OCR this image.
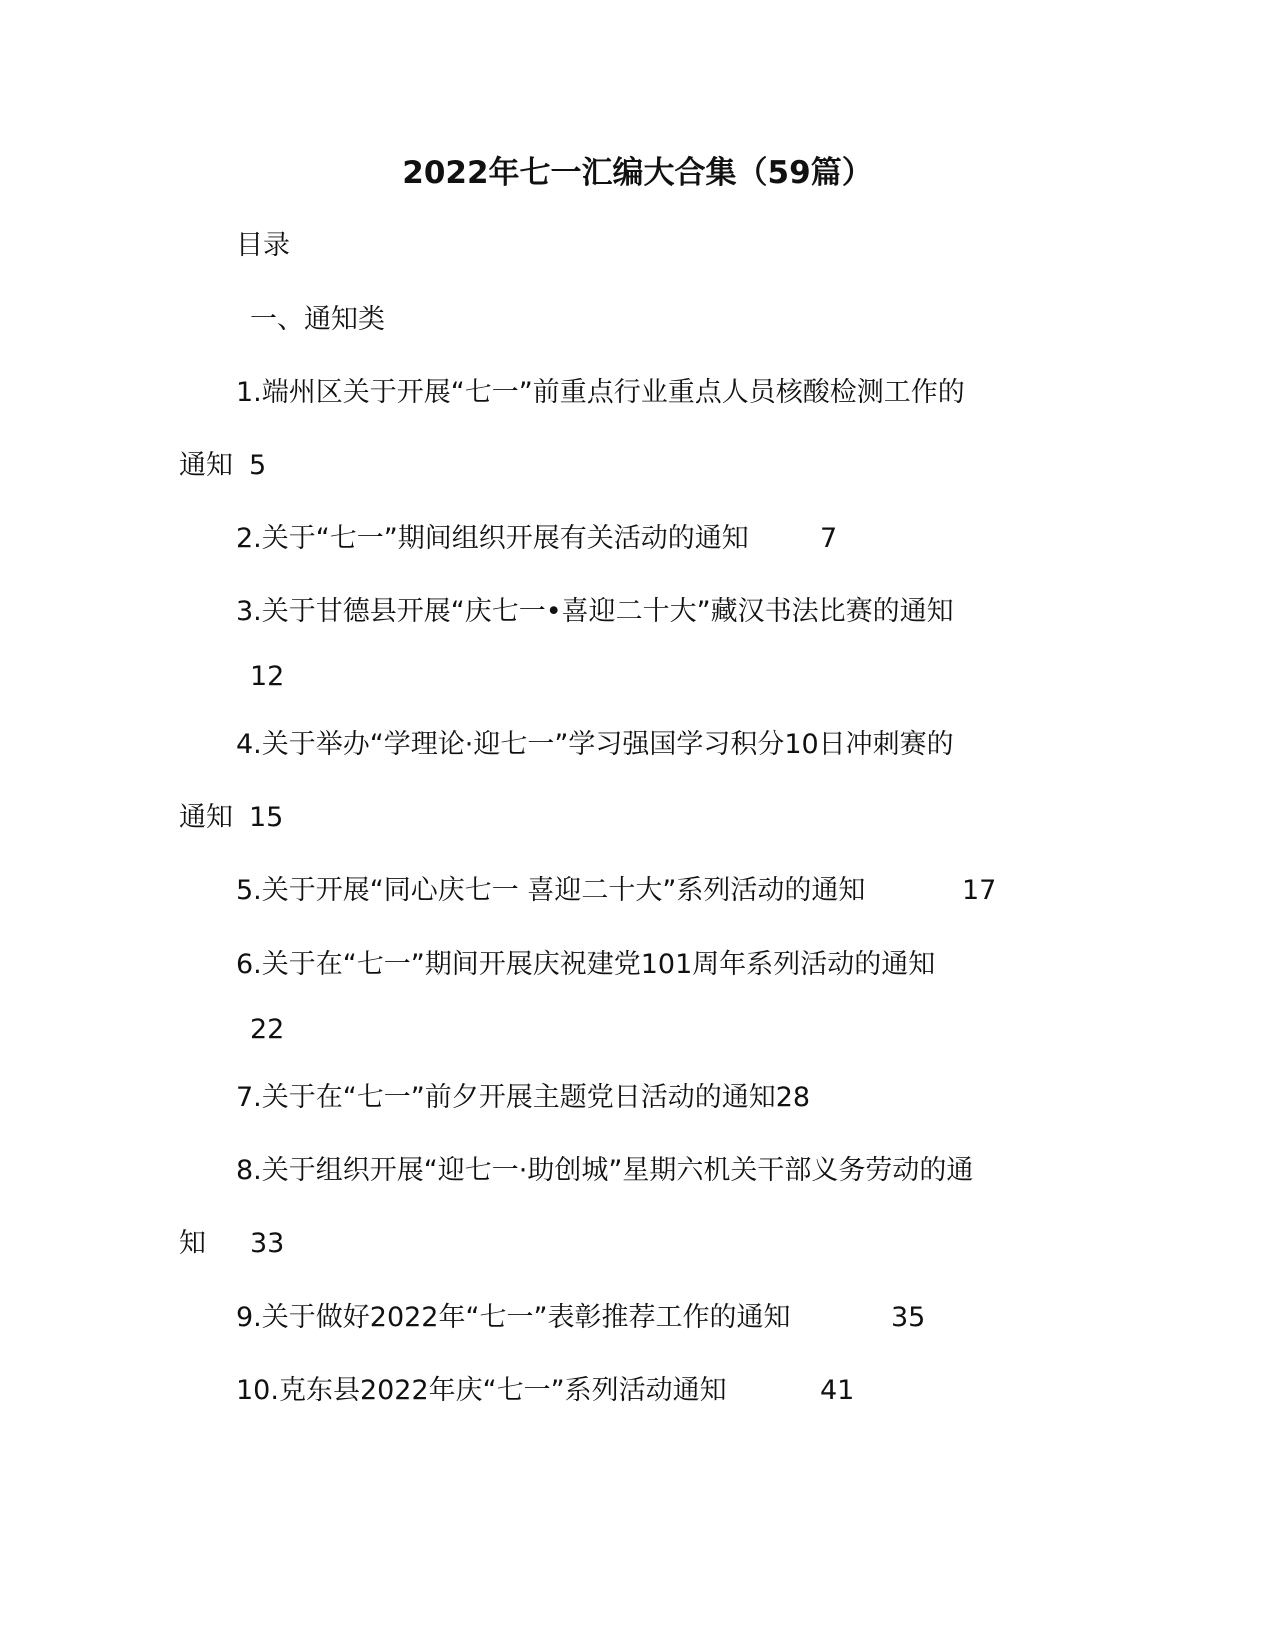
2022年七一汇编大合集（59篇）
目录
一、通知类
1.端州区关于开展“七一”前重点行业重点人员核酸检测工作的
通知 5
2.关于“七一”期间组织开展有关活动的通知	7
3.关于甘德县开展“庆七一•喜迎二十大”藏汉书法比赛的通知
12
4.关于举办“学理论·迎七一”学习强国学习积分10日冲刺赛的
通知 15
5.关于开展“同心庆七一 喜迎二十大”系列活动的通知	17
6.关于在“七一”期间开展庆祝建党101周年系列活动的通知
22
7.关于在“七一”前夕开展主题党日活动的通知28
8.关于组织开展“迎七一·助创城”星期六机关干部义务劳动的通
知 33
9.关于做好2022年“七一”表彰推荐工作的通知	35
10.克东县2022年庆“七一”系列活动通知	41
